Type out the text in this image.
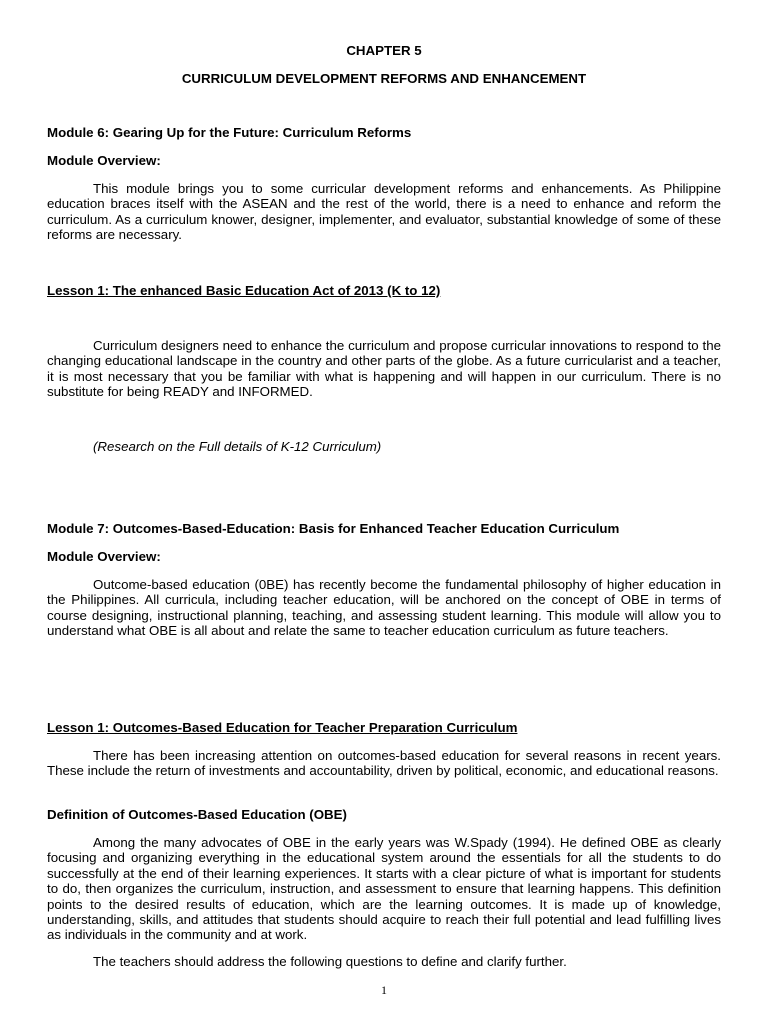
CHAPTER 5
CURRICULUM DEVELOPMENT REFORMS AND ENHANCEMENT
Module 6: Gearing Up for the Future: Curriculum Reforms
Module Overview:

This module brings you to some curricular development reforms and enhancements. As Philippine education braces itself with the ASEAN and the rest of the world, there is a need to enhance and reform the curriculum. As a curriculum knower, designer, implementer, and evaluator, substantial knowledge of some of these reforms are necessary.

Lesson 1: The enhanced Basic Education Act of 2013 (K to 12)

Curriculum designers need to enhance the curriculum and propose curricular innovations to respond to the changing educational landscape in the country and other parts of the globe. As a future curricularist and a teacher, it is most necessary that you be familiar with what is happening and will happen in our curriculum. There is no substitute for being READY and INFORMED.

(Research on the Full details of K-12 Curriculum)
Module 7: Outcomes-Based-Education: Basis for Enhanced Teacher Education Curriculum
Module Overview:

Outcome-based education (0BE) has recently become the fundamental philosophy of higher education in the Philippines. All curricula, including teacher education, will be anchored on the concept of OBE in terms of course designing, instructional planning, teaching, and assessing student learning. This module will allow you to understand what OBE is all about and relate the same to teacher education curriculum as future teachers.

Lesson 1: Outcomes-Based Education for Teacher Preparation Curriculum

There has been increasing attention on outcomes-based education for several reasons in recent years. These include the return of investments and accountability, driven by political, economic, and educational reasons.

Definition of Outcomes-Based Education (OBE)

Among the many advocates of OBE in the early years was W.Spady (1994). He defined OBE as clearly focusing and organizing everything in the educational system around the essentials for all the students to do successfully at the end of their learning experiences. It starts with a clear picture of what is important for students to do, then organizes the curriculum, instruction, and assessment to ensure that learning happens. This definition points to the desired results of education, which are the learning outcomes. It is made up of knowledge, understanding, skills, and attitudes that students should acquire to reach their full potential and lead fulfilling lives as individuals in the community and at work.

The teachers should address the following questions to define and clarify further.

1
